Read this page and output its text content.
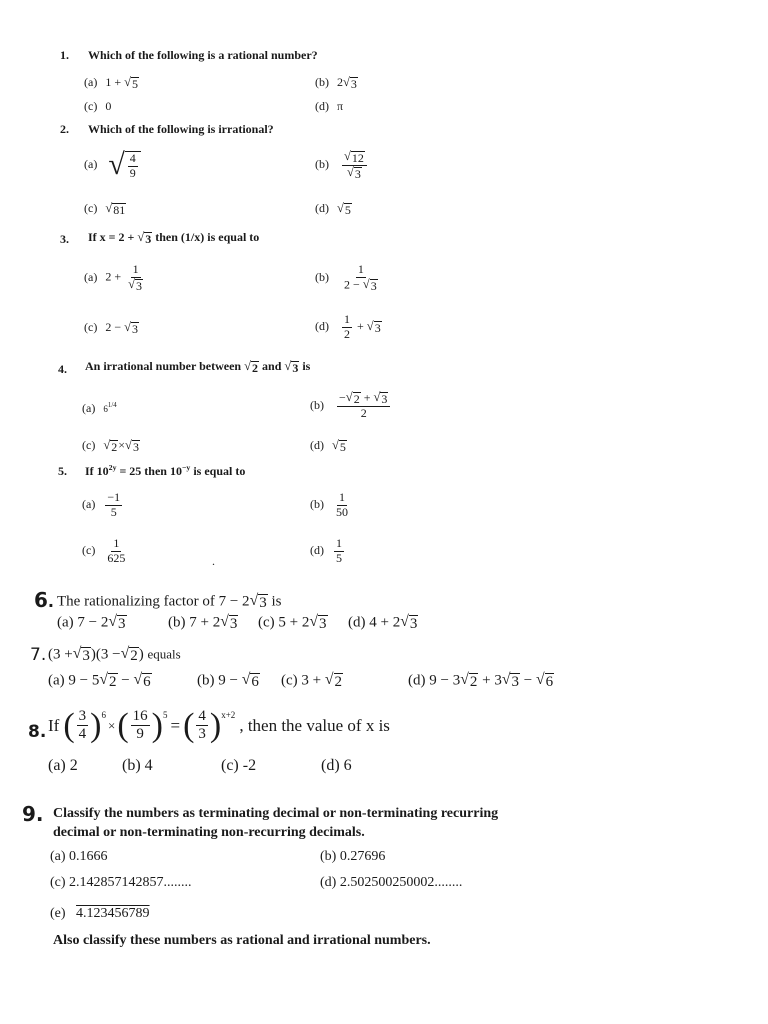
1. Which of the following is a rational number?
(a) 1 + √ 5	(b) 2 √ 3
(c) 0	(d) π
2. Which of the following is irrational?
(a) √ $\frac{4}{9}$	$(b) \frac{√ 12}{√ 3}$
(c) √ 81	(d) √ 5
3. If x = 2 + √ 3 then (1/x) is equal to
(a) $2 + \frac{1}{√ 3}$	$(b) \frac{1}{2 - √ 3}$
(c) 2 − √ 3	$(d) \frac{1}{2}$ + √ 3
4. An irrational number between √ 2 and √ 3 is
(a) $6^{1/4}$	$(b) \frac{- √ 2 + √ 3}{2}$
(c) √ 2 × √ 3	(d) √ 5
5. If $10^{2y} = 25$ then $10^{-y}$ is equal to
$(a) \frac{-1}{5}$	$(b) \frac{1}{50}$
$(c) \frac{1}{625}$	.
$(d) \frac{1}{5}$
6. The rationalizing factor of 7 − 2 √ 3 is
(a) 7 − 2 √ 3	(b) 7 + 2 √ 3 (c) 5 + 2 √ 3 (d) 4 + 2 √ 3
7. (3 + √ 3 )(3 − √ 2 ) equals
(a) 9 − 5 √ 2 − √ 6	(b) 9 − √ 6 (c) 3 + √ 2	(d) 9 − 3 √ 2 + 3 √ 3 − √ 6
8. If ( $\frac{3}{4} )^6$
× ( $\frac{16}{9} )^5$
= ( $\frac{4}{3} )^{x+2}$
, then the value of x is
(a) 2	(b) 4	(c) -2	(d) 6
9. Classify the numbers as terminating decimal or non-terminating recurring
decimal or non-terminating non-recurring decimals.
(a) 0.1666	(b) 0.27696
(c) 2.142857142857........	(d) 2.502500250002........
(e) 4.123456789
Also classify these numbers as rational and irrational numbers.
